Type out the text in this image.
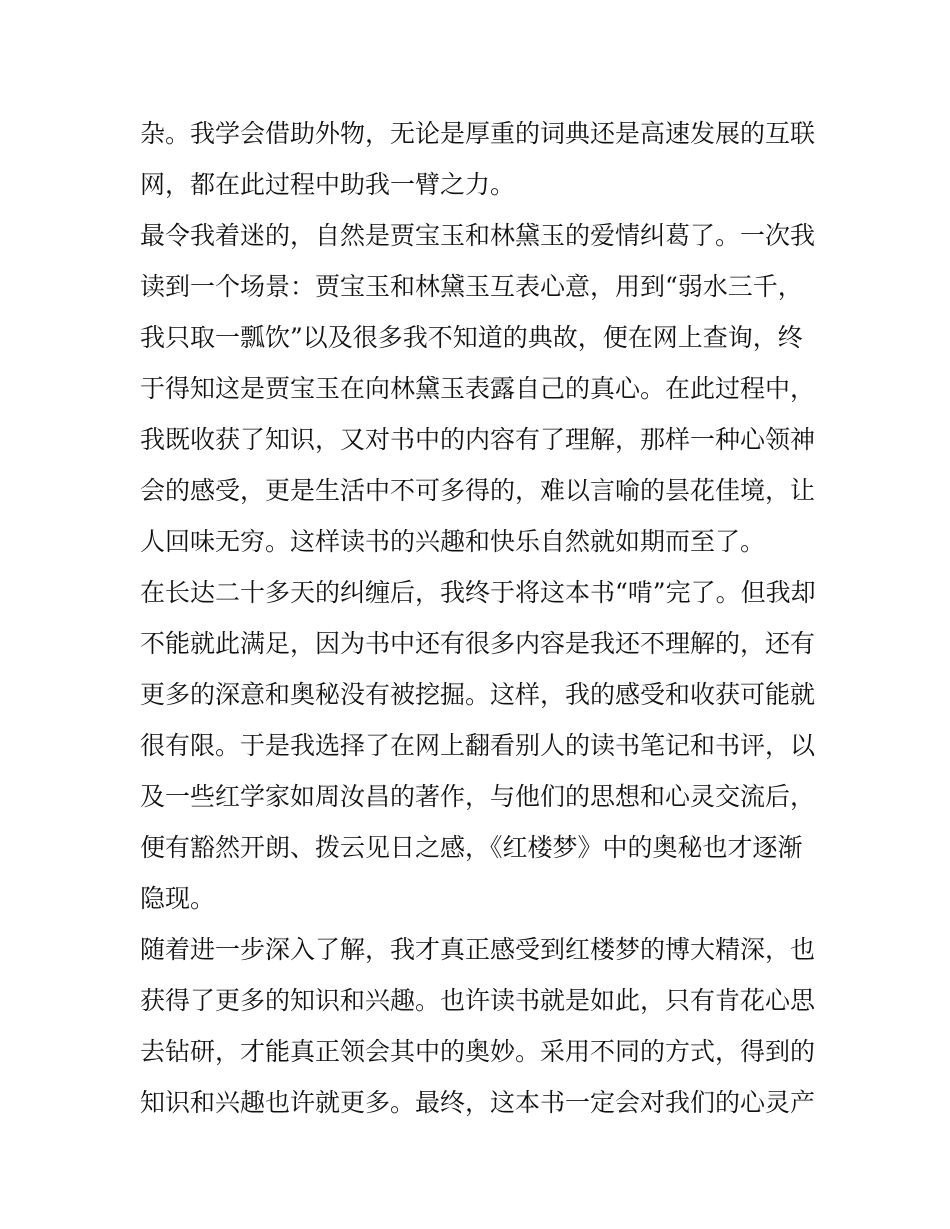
杂。我学会借助外物，无论是厚重的词典还是高速发展的互联
网，都在此过程中助我一臂之力。
最令我着迷的，自然是贾宝玉和林黛玉的爱情纠葛了。一次我
读到一个场景：贾宝玉和林黛玉互表心意，用到“弱水三千，
我只取一瓢饮”以及很多我不知道的典故，便在网上查询，终
于得知这是贾宝玉在向林黛玉表露自己的真心。在此过程中，
我既收获了知识，又对书中的内容有了理解，那样一种心领神
会的感受，更是生活中不可多得的，难以言喻的昙花佳境，让
人回味无穷。这样读书的兴趣和快乐自然就如期而至了。
在长达二十多天的纠缠后，我终于将这本书“啃”完了。但我却
不能就此满足，因为书中还有很多内容是我还不理解的，还有
更多的深意和奥秘没有被挖掘。这样，我的感受和收获可能就
很有限。于是我选择了在网上翻看别人的读书笔记和书评，以
及一些红学家如周汝昌的著作，与他们的思想和心灵交流后，
便有豁然开朗、拨云见日之感，《红楼梦》中的奥秘也才逐渐
隐现。
随着进一步深入了解，我才真正感受到红楼梦的博大精深，也
获得了更多的知识和兴趣。也许读书就是如此，只有肯花心思
去钻研，才能真正领会其中的奥妙。采用不同的方式，得到的
知识和兴趣也许就更多。最终，这本书一定会对我们的心灵产
